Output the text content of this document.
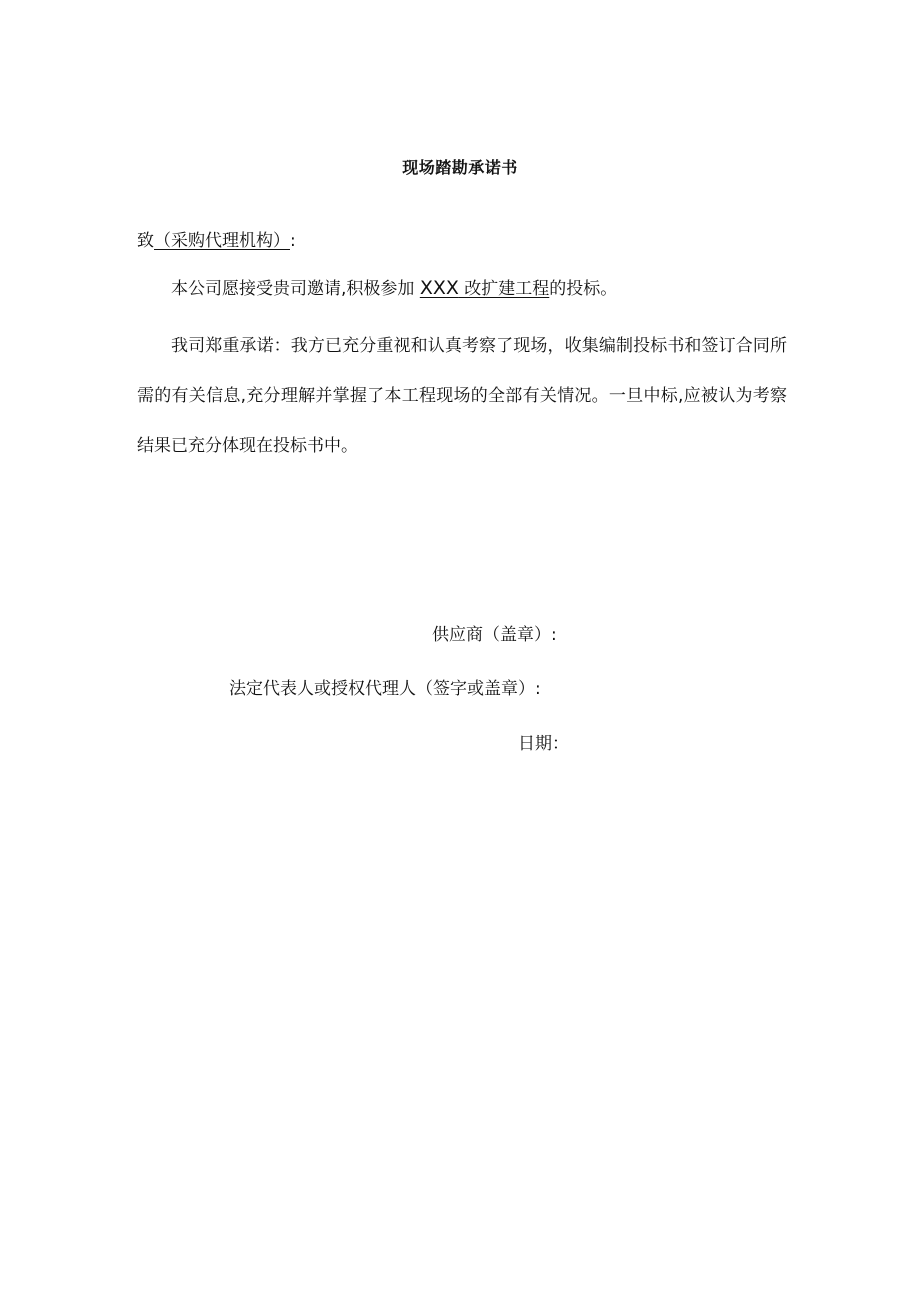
现场踏勘承诺书
致（采购代理机构）:
本公司愿接受贵司邀请,积极参加 XXX 改扩建工程的投标。
我司郑重承诺：我方已充分重视和认真考察了现场，收集编制投标书和签订合同所需的有关信息,充分理解并掌握了本工程现场的全部有关情况。一旦中标,应被认为考察结果已充分体现在投标书中。
供应商（盖章）:
法定代表人或授权代理人（签字或盖章）:
日期：
